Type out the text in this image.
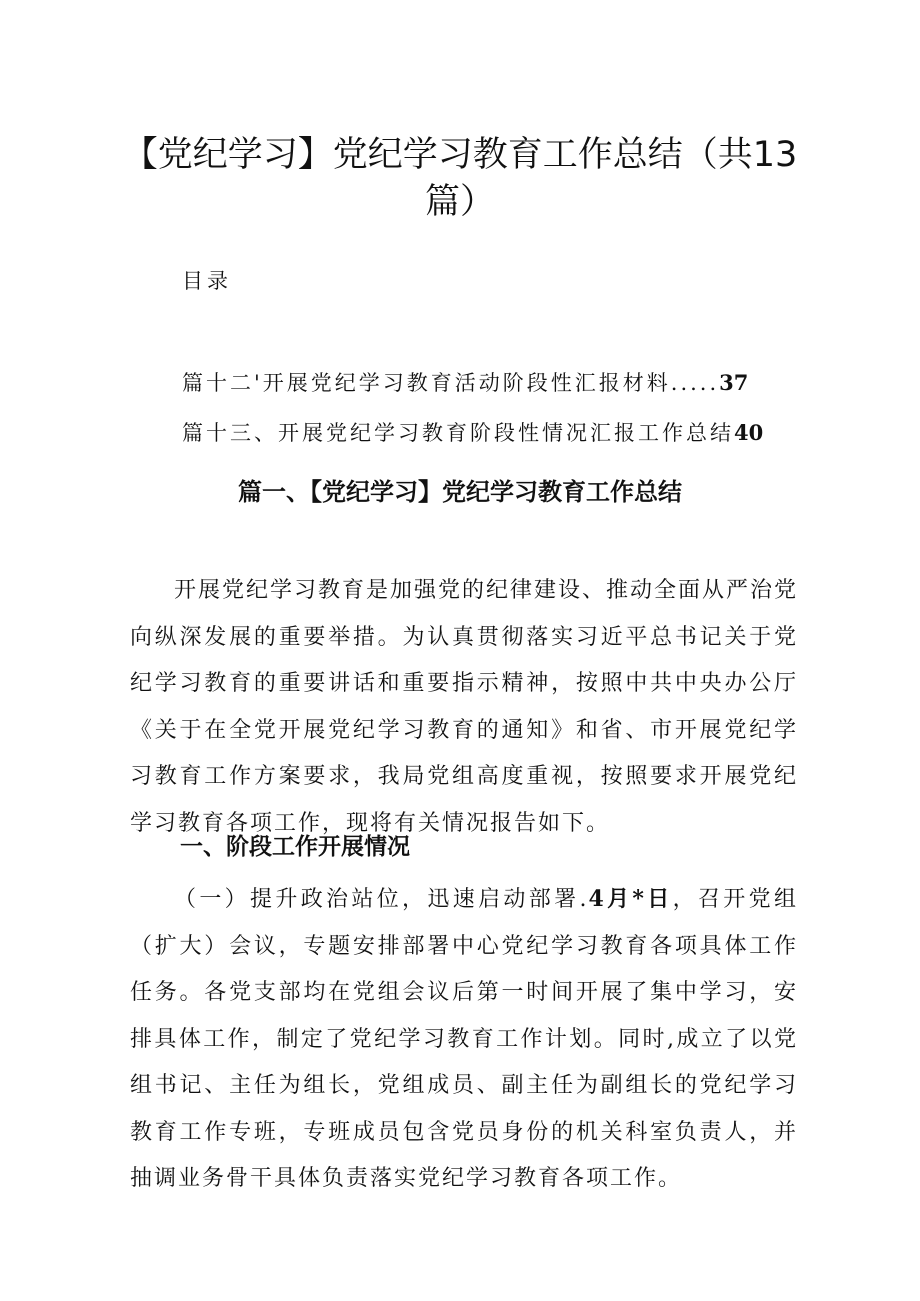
【党纪学习】党纪学习教育工作总结（共13
篇）

目录

篇十二'开展党纪学习教育活动阶段性汇报材料.....37

篇十三、开展党纪学习教育阶段性情况汇报工作总结40

篇一、【党纪学习】党纪学习教育工作总结

开展党纪学习教育是加强党的纪律建设、推动全面从严治党向纵深发展的重要举措。为认真贯彻落实习近平总书记关于党纪学习教育的重要讲话和重要指示精神，按照中共中央办公厅《关于在全党开展党纪学习教育的通知》和省、市开展党纪学习教育工作方案要求，我局党组高度重视，按照要求开展党纪学习教育各项工作，现将有关情况报告如下。

一、阶段工作开展情况

（一）提升政治站位，迅速启动部署.4月*日，召开党组（扩大）会议，专题安排部署中心党纪学习教育各项具体工作任务。各党支部均在党组会议后第一时间开展了集中学习，安排具体工作，制定了党纪学习教育工作计划。同时,成立了以党组书记、主任为组长，党组成员、副主任为副组长的党纪学习教育工作专班，专班成员包含党员身份的机关科室负责人，并抽调业务骨干具体负责落实党纪学习教育各项工作。
